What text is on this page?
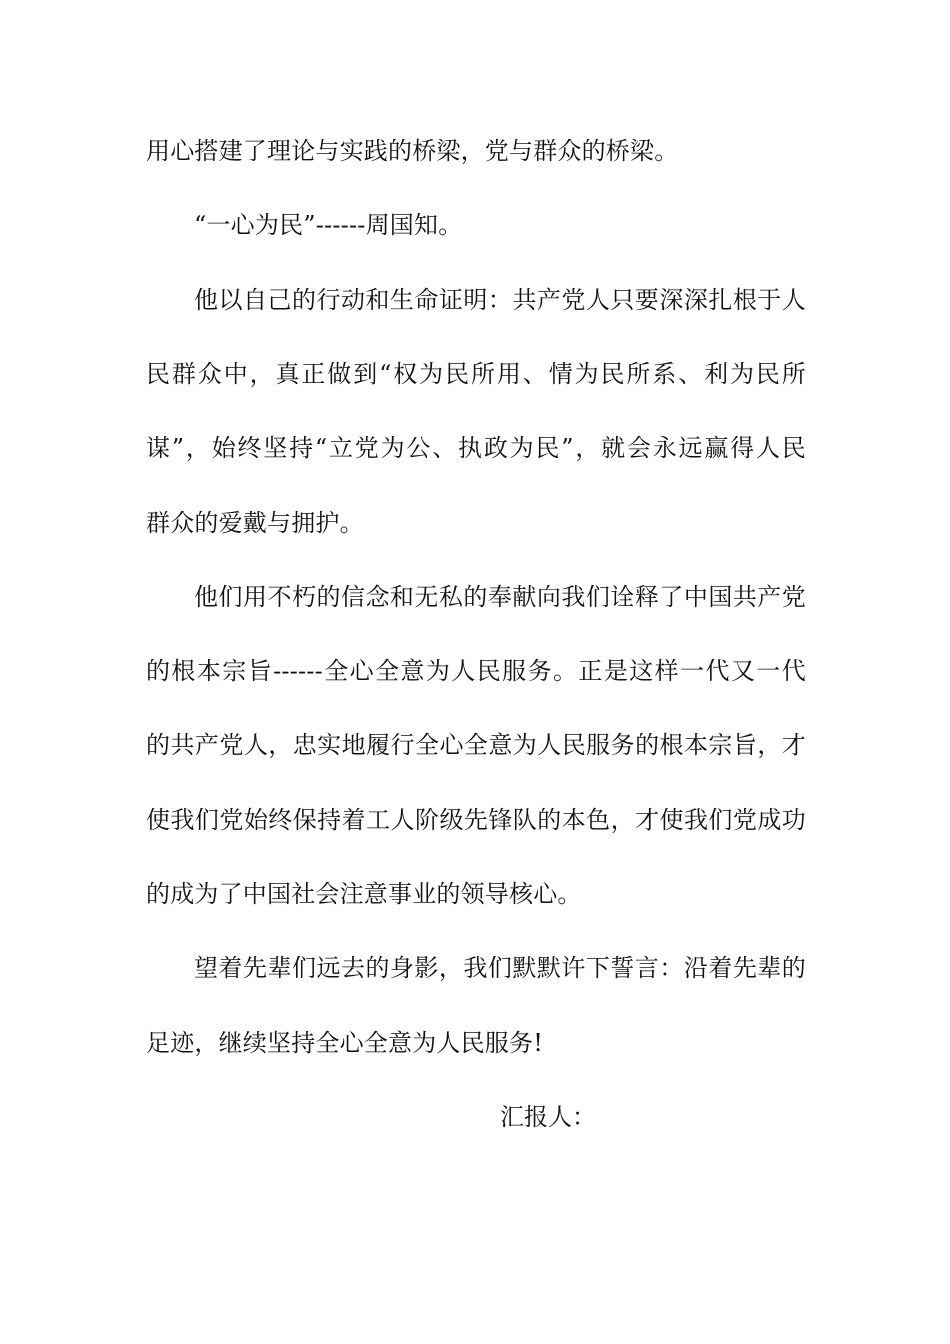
用心搭建了理论与实践的桥梁，党与群众的桥梁。
“一心为民”------周国知。
他以自己的行动和生命证明：共产党人只要深深扎根于人
民群众中，真正做到“权为民所用、情为民所系、利为民所
谋”，始终坚持“立党为公、执政为民”，就会永远赢得人民
群众的爱戴与拥护。
他们用不朽的信念和无私的奉献向我们诠释了中国共产党
的根本宗旨------全心全意为人民服务。正是这样一代又一代
的共产党人，忠实地履行全心全意为人民服务的根本宗旨，才
使我们党始终保持着工人阶级先锋队的本色，才使我们党成功
的成为了中国社会注意事业的领导核心。
望着先辈们远去的身影，我们默默许下誓言：沿着先辈的
足迹，继续坚持全心全意为人民服务!
汇报人：
